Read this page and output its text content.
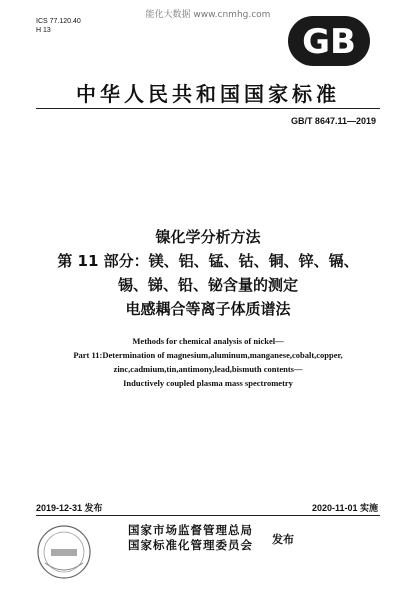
能化大数据 www.cnmhg.com
ICS 77.120.40
H 13	GB
中华人民共和国国家标准
GB/T 8647.11—2019
镍化学分析方法
第 11 部分：镁、铝、锰、钴、铜、锌、镉、
锡、锑、铅、铋含量的测定
电感耦合等离子体质谱法
Methods for chemical analysis of nickel—
Part 11:Determination of magnesium,aluminum,manganese,cobalt,copper,
zinc,cadmium,tin,antimony,lead,bismuth contents—
Inductively coupled plasma mass spectrometry
2019-12-31 发布	2020-11-01 实施
国家市场监督管理总局
国家标准化管理委员会 发布
